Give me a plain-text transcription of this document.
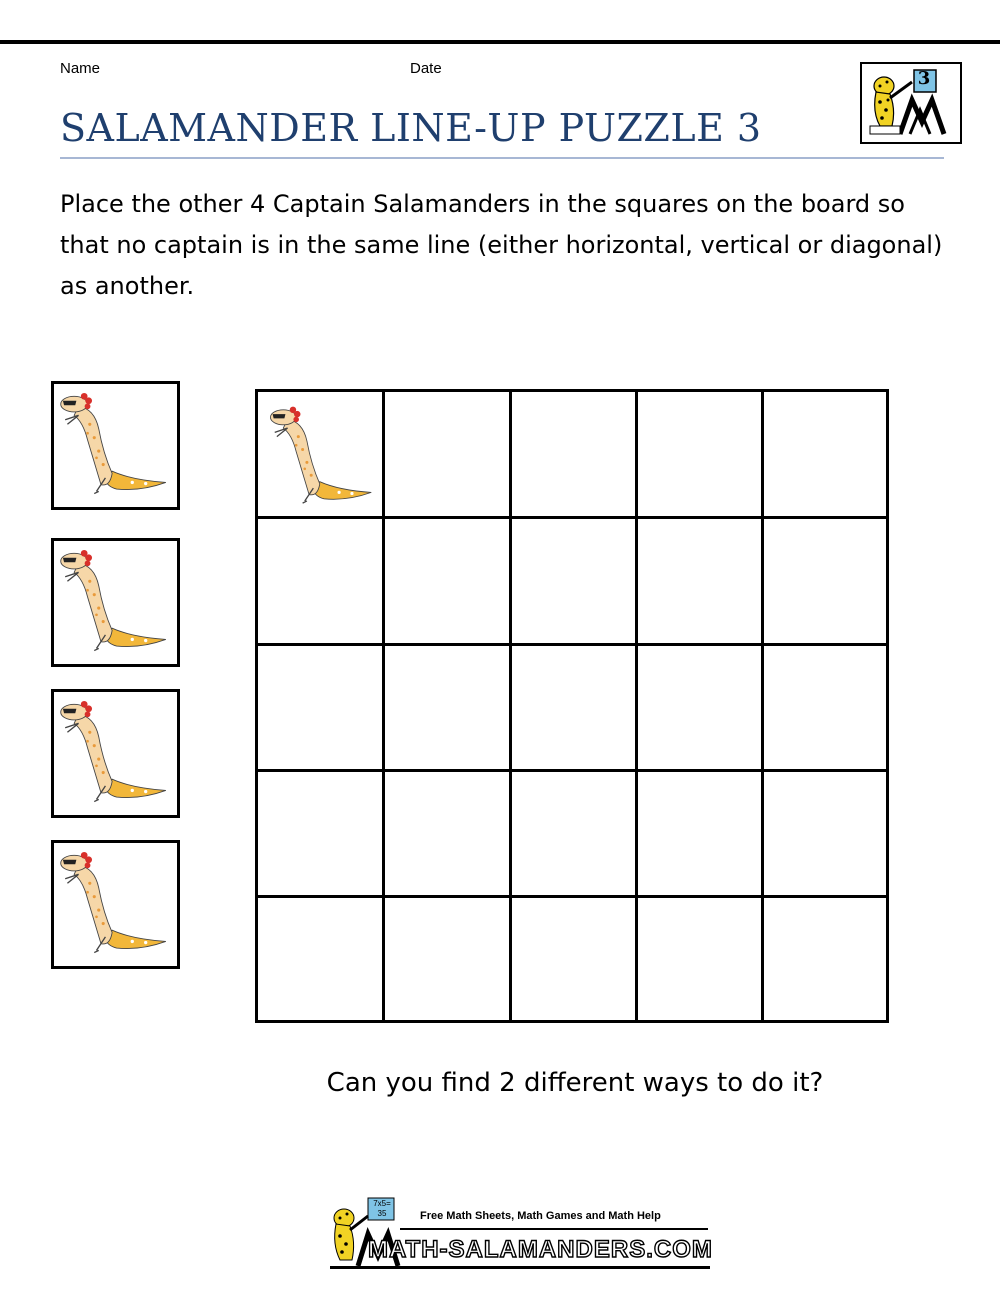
Name	Date
SALAMANDER LINE-UP PUZZLE 3
3
Place the other 4 Captain Salamanders in the squares on the board so that no captain is in the same line (either horizontal, vertical or diagonal) as another.
Can you find 2 different ways to do it?
7x5=
35	Free Math Sheets, Math Games and Math Help
MATH-SALAMANDERS.COM
